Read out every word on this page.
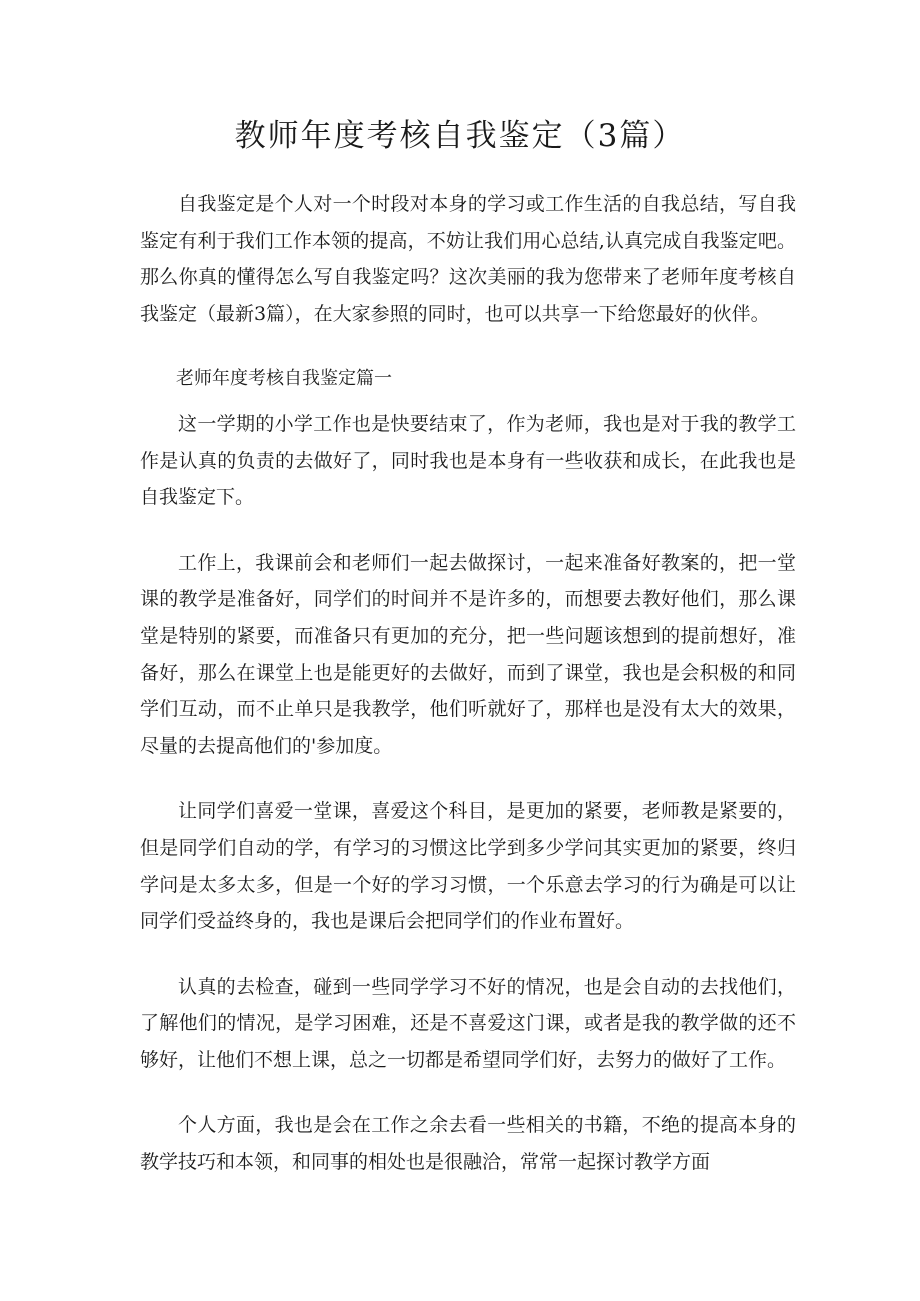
教师年度考核自我鉴定（3篇）

自我鉴定是个人对一个时段对本身的学习或工作生活的自我总结，写自我鉴定有利于我们工作本领的提高，不妨让我们用心总结,认真完成自我鉴定吧。那么你真的懂得怎么写自我鉴定吗？这次美丽的我为您带来了老师年度考核自我鉴定（最新3篇），在大家参照的同时，也可以共享一下给您最好的伙伴。

老师年度考核自我鉴定篇一

这一学期的小学工作也是快要结束了，作为老师，我也是对于我的教学工作是认真的负责的去做好了，同时我也是本身有一些收获和成长，在此我也是自我鉴定下。

工作上，我课前会和老师们一起去做探讨，一起来准备好教案的，把一堂课的教学是准备好，同学们的时间并不是许多的，而想要去教好他们，那么课堂是特别的紧要，而准备只有更加的充分，把一些问题该想到的提前想好，准备好，那么在课堂上也是能更好的去做好，而到了课堂，我也是会积极的和同学们互动，而不止单只是我教学，他们听就好了，那样也是没有太大的效果，尽量的去提高他们的'参加度。

让同学们喜爱一堂课，喜爱这个科目，是更加的紧要，老师教是紧要的，但是同学们自动的学，有学习的习惯这比学到多少学问其实更加的紧要，终归学问是太多太多，但是一个好的学习习惯，一个乐意去学习的行为确是可以让同学们受益终身的，我也是课后会把同学们的作业布置好。

认真的去检查，碰到一些同学学习不好的情况，也是会自动的去找他们，了解他们的情况，是学习困难，还是不喜爱这门课，或者是我的教学做的还不够好，让他们不想上课，总之一切都是希望同学们好，去努力的做好了工作。

个人方面，我也是会在工作之余去看一些相关的书籍，不绝的提高本身的教学技巧和本领，和同事的相处也是很融洽，常常一起探讨教学方面
